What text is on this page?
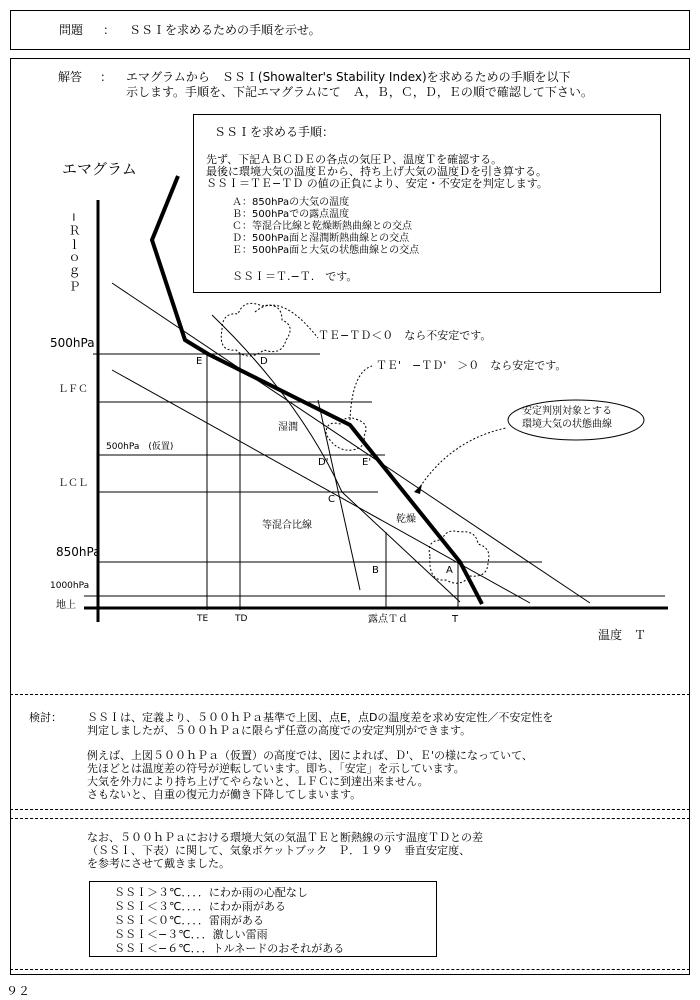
問題 ： ＳＳＩを求めるための手順を示せ。
解答 ： エマグラムから　ＳＳＩ(Showalter's Stability Index)を求めるための手順を以下
示します。手順を、下記エマグラムにて　Ａ，Ｂ，Ｃ，Ｄ，Ｅの順で確認して下さい。
ＳＳＩを求める手順：
先ず、下記ＡＢＣＤＥの各点の気圧Ｐ、温度Ｔを確認する。
最後に環境大気の温度Ｅから、持ち上げ大気の温度Ｄを引き算する。
ＳＳＩ＝ＴＥ−ＴＤ の値の正負により、安定・不安定を判定します。
Ａ：850hPaの大気の温度
Ｂ：500hPaでの露点温度
Ｃ：等混合比線と乾燥断熱曲線との交点
Ｄ：500hPa面と湿潤断熱曲線との交点
Ｅ：500hPa面と大気の状態曲線との交点
ＳＳＩ＝Ｔ.−Ｔ.　です。
エマグラム
−ＲｌｏｇＰ
温度　Ｔ
500hPa
ＬＦＣ
500hPa　(仮置)
ＬＣＬ
850hPa
1000hPa
地上
E	D
D'	E'
C
B	A
湿潤
乾燥
等混合比線
TE	TD	露点Ｔｄ	T
ＴＥ−ＴＤ＜０　なら不安定です。
ＴＥ'　−ＴＤ'　＞０　なら安定です。
安定判別対象とする
環境大気の状態曲線
検討： ＳＳＩは、定義より、５００ｈＰａ基準で上図、点E，点Dの温度差を求め安定性／不安定性を
判定しましたが、５００ｈＰａに限らず任意の高度での安定判別ができます。
例えば、上図５００ｈＰａ（仮置）の高度では、図によれば、Ｄ'、Ｅ'の様になっていて、
先ほどとは温度差の符号が逆転しています。即ち、「安定」を示しています。
大気を外力により持ち上げてやらないと、ＬＦＣに到達出来ません。
さもないと、自重の復元力が働き下降してしまいます。
なお、５００ｈＰａにおける環境大気の気温ＴＥと断熱線の示す温度ＴＤとの差
（ＳＳＩ、下表）に関して、気象ポケットブック　Ｐ．１９９　垂直安定度、
を参考にさせて戴きました。
ＳＳＩ＞３℃．．．．にわか雨の心配なし
ＳＳＩ＜３℃．．．．にわか雨がある
ＳＳＩ＜０℃．．．．雷雨がある
ＳＳＩ＜−３℃．．．激しい雷雨
ＳＳＩ＜−６℃．．．トルネードのおそれがある
９２
